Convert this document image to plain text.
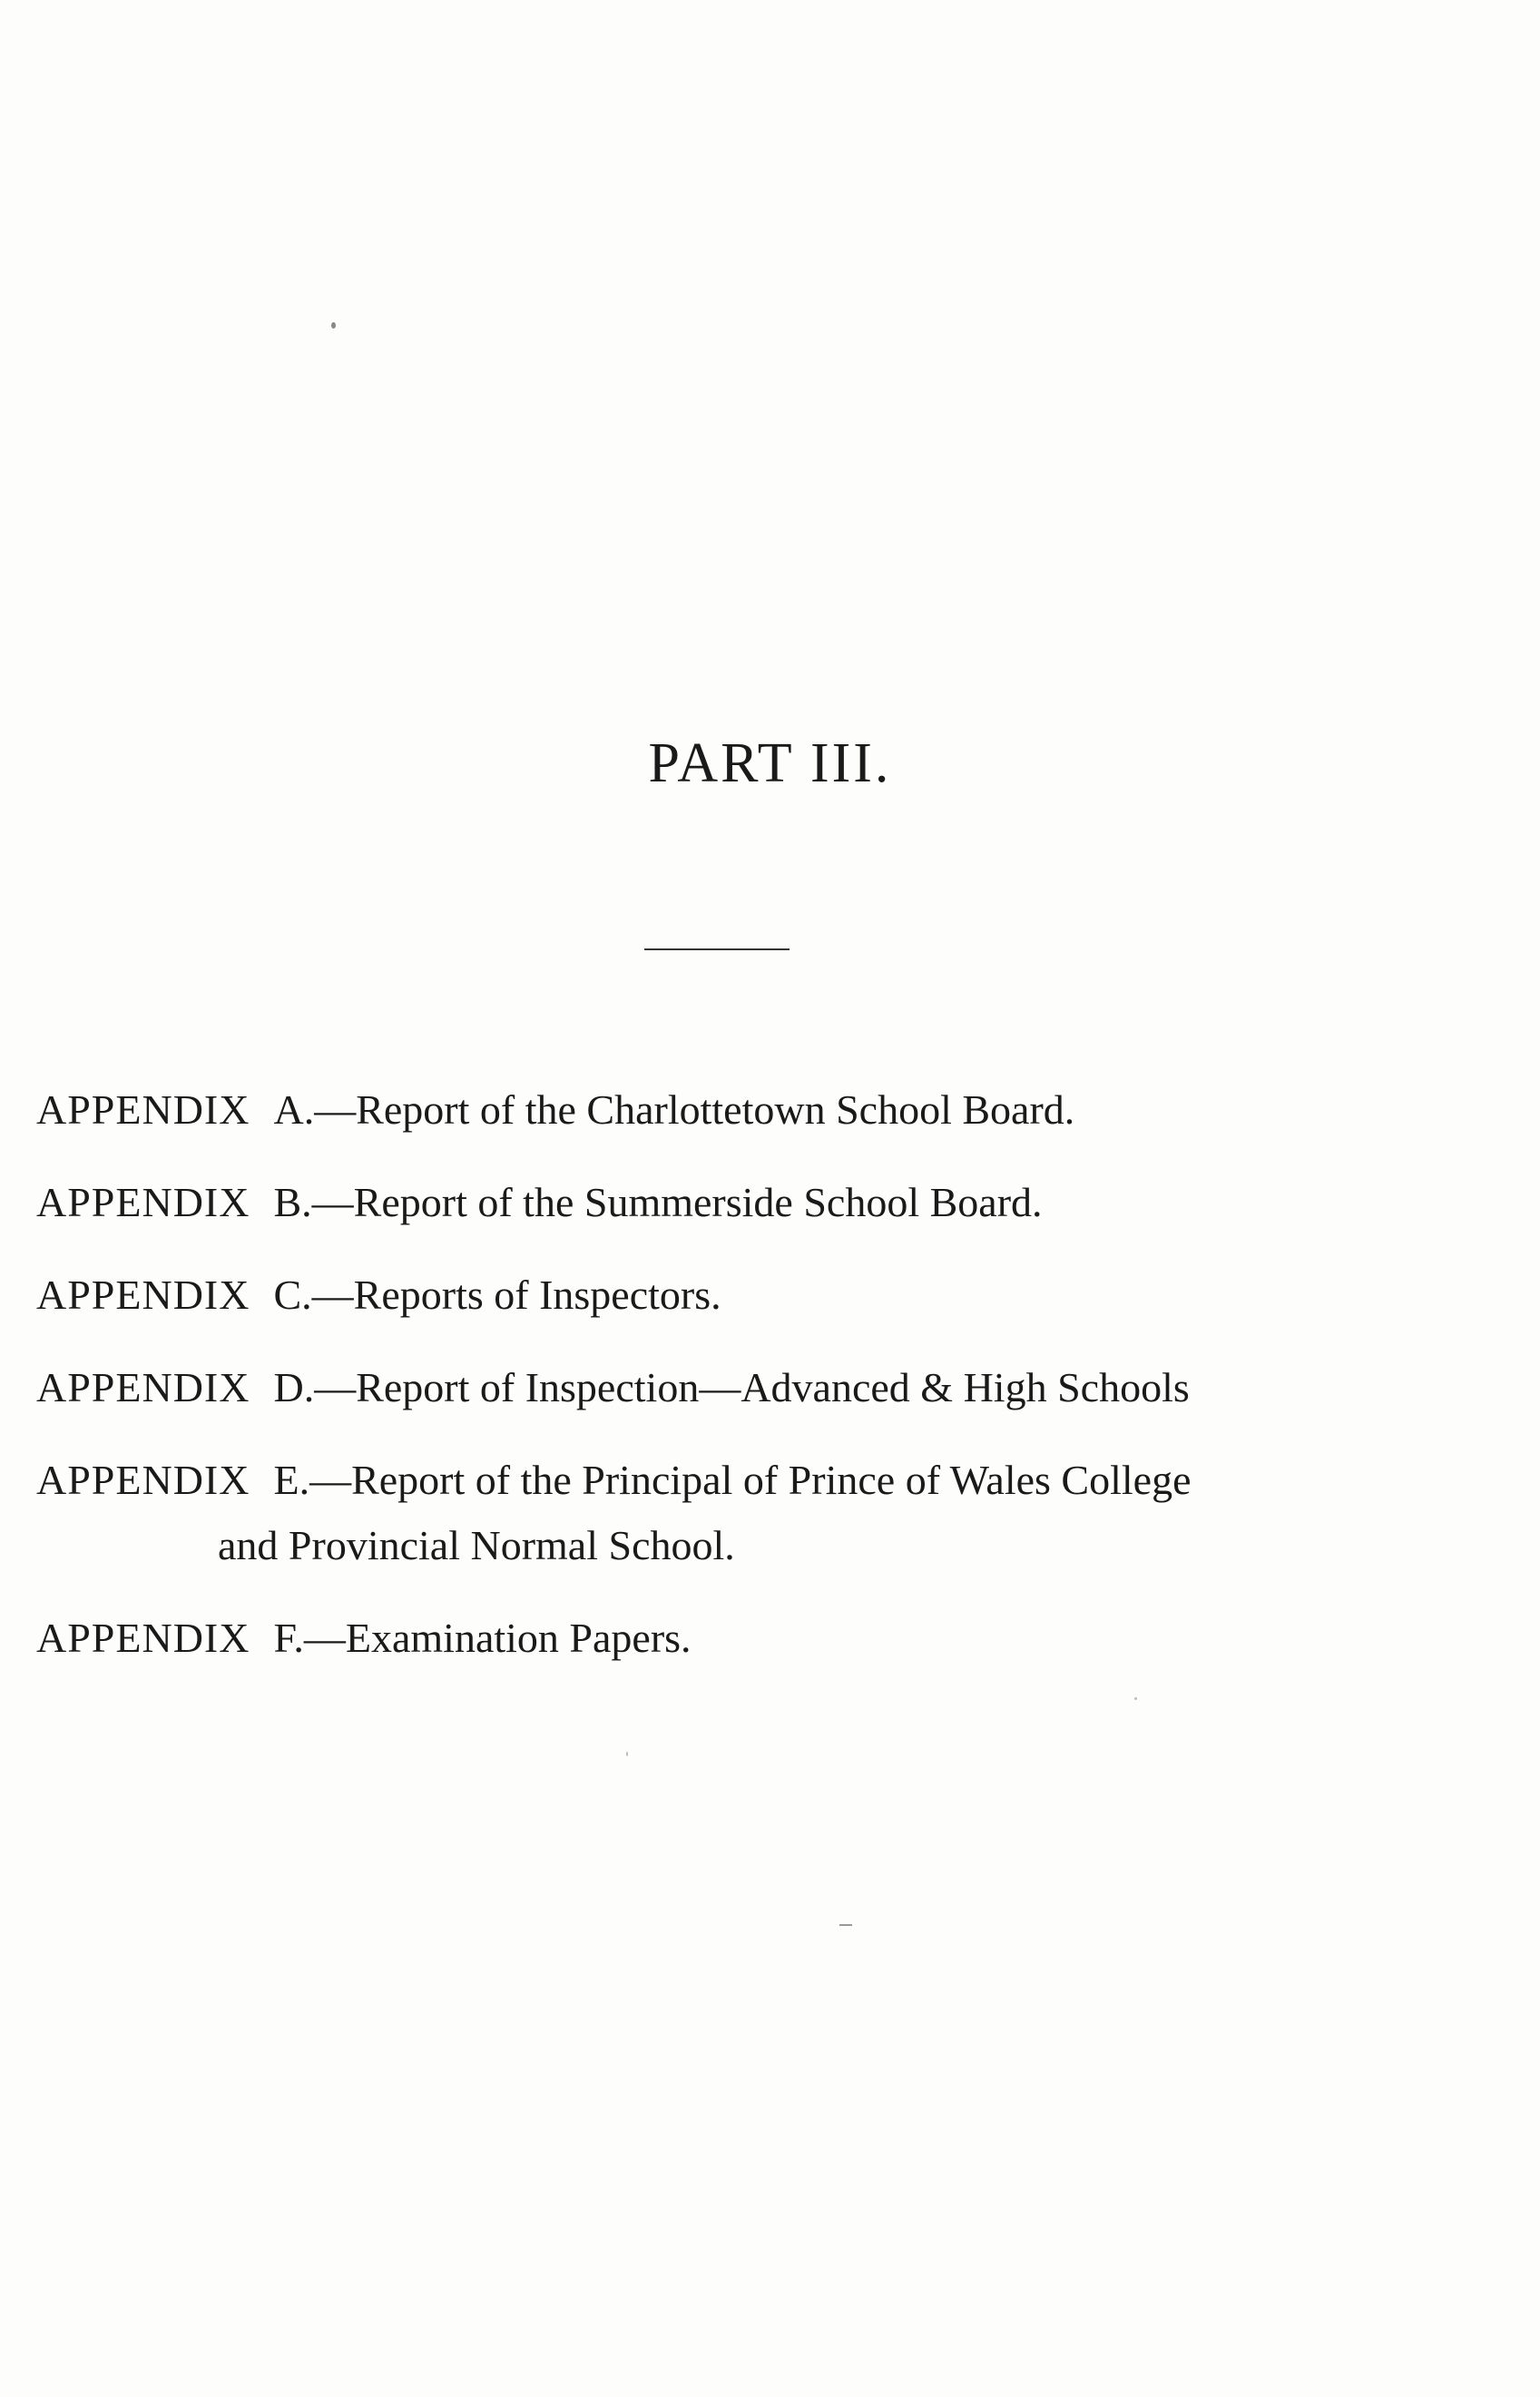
PART III.
APPENDIX A.—Report of the Charlottetown School Board.
APPENDIX B.—Report of the Summerside School Board.
APPENDIX C.—Reports of Inspectors.
APPENDIX D.—Report of Inspection—Advanced & High Schools
APPENDIX E.—Report of the Principal of Prince of Wales College
and Provincial Normal School.
APPENDIX F.—Examination Papers.
